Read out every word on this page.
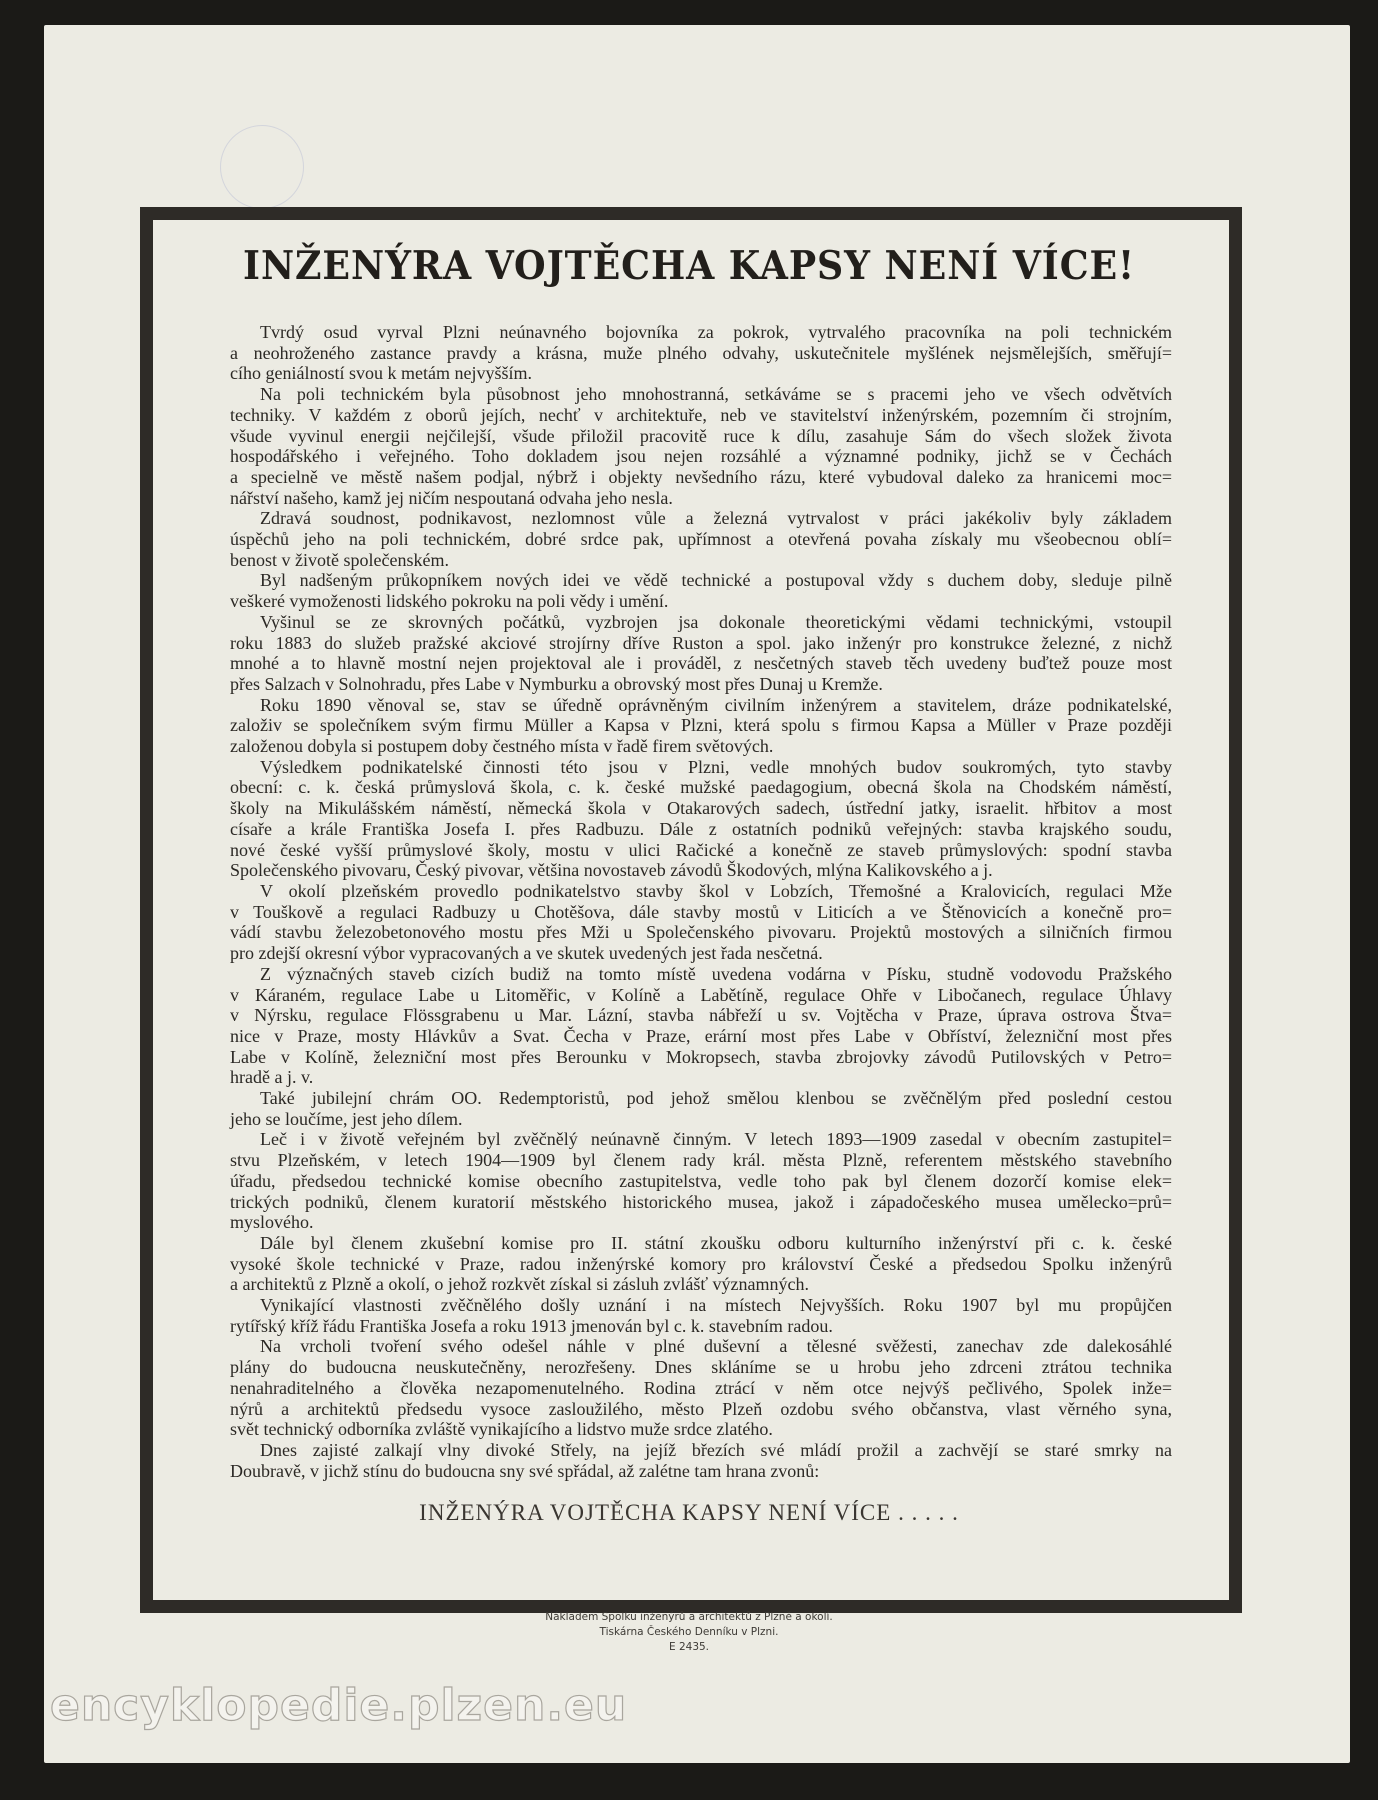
INŽENÝRA VOJTĚCHA KAPSY NENÍ VÍCE!
Tvrdý osud vyrval Plzni neúnavného bojovníka za pokrok, vytrvalého pracovníka na poli technickém
a neohroženého zastance pravdy a krásna, muže plného odvahy, uskutečnitele myšlének nejsmělejších, směřují=
cího geniálností svou k metám nejvyšším.
Na poli technickém byla působnost jeho mnohostranná, setkáváme se s pracemi jeho ve všech odvětvích
techniky. V každém z oborů jejích, nechť v architektuře, neb ve stavitelství inženýrském, pozemním či strojním,
všude vyvinul energii nejčilejší, všude přiložil pracovitě ruce k dílu, zasahuje Sám do všech složek života
hospodářského i veřejného. Toho dokladem jsou nejen rozsáhlé a významné podniky, jichž se v Čechách
a specielně ve městě našem podjal, nýbrž i objekty nevšedního rázu, které vybudoval daleko za hranicemi moc=
nářství našeho, kamž jej ničím nespoutaná odvaha jeho nesla.
Zdravá soudnost, podnikavost, nezlomnost vůle a železná vytrvalost v práci jakékoliv byly základem
úspěchů jeho na poli technickém, dobré srdce pak, upřímnost a otevřená povaha získaly mu všeobecnou oblí=
benost v životě společenském.
Byl nadšeným průkopníkem nových idei ve vědě technické a postupoval vždy s duchem doby, sleduje pilně
veškeré vymoženosti lidského pokroku na poli vědy i umění.
Vyšinul se ze skrovných počátků, vyzbrojen jsa dokonale theoretickými vědami technickými, vstoupil
roku 1883 do služeb pražské akciové strojírny dříve Ruston a spol. jako inženýr pro konstrukce železné, z nichž
mnohé a to hlavně mostní nejen projektoval ale i prováděl, z nesčetných staveb těch uvedeny buďtež pouze most
přes Salzach v Solnohradu, přes Labe v Nymburku a obrovský most přes Dunaj u Kremže.
Roku 1890 věnoval se, stav se úředně oprávněným civilním inženýrem a stavitelem, dráze podnikatelské,
založiv se společníkem svým firmu Müller a Kapsa v Plzni, která spolu s firmou Kapsa a Müller v Praze později
založenou dobyla si postupem doby čestného místa v řadě firem světových.
Výsledkem podnikatelské činnosti této jsou v Plzni, vedle mnohých budov soukromých, tyto stavby
obecní: c. k. česká průmyslová škola, c. k. české mužské paedagogium, obecná škola na Chodském náměstí,
školy na Mikulášském náměstí, německá škola v Otakarových sadech, ústřední jatky, israelit. hřbitov a most
císaře a krále Františka Josefa I. přes Radbuzu. Dále z ostatních podniků veřejných: stavba krajského soudu,
nové české vyšší průmyslové školy, mostu v ulici Račické a konečně ze staveb průmyslových: spodní stavba
Společenského pivovaru, Český pivovar, většina novostaveb závodů Škodových, mlýna Kalikovského a j.
V okolí plzeňském provedlo podnikatelstvo stavby škol v Lobzích, Třemošné a Kralovicích, regulaci Mže
v Touškově a regulaci Radbuzy u Chotěšova, dále stavby mostů v Liticích a ve Štěnovicích a konečně pro=
vádí stavbu železobetonového mostu přes Mži u Společenského pivovaru. Projektů mostových a silničních firmou
pro zdejší okresní výbor vypracovaných a ve skutek uvedených jest řada nesčetná.
Z význačných staveb cizích budiž na tomto místě uvedena vodárna v Písku, studně vodovodu Pražského
v Káraném, regulace Labe u Litoměřic, v Kolíně a Labětíně, regulace Ohře v Libočanech, regulace Úhlavy
v Nýrsku, regulace Flössgrabenu u Mar. Lázní, stavba nábřeží u sv. Vojtěcha v Praze, úprava ostrova Štva=
nice v Praze, mosty Hlávkův a Svat. Čecha v Praze, erární most přes Labe v Obříství, železniční most přes
Labe v Kolíně, železniční most přes Berounku v Mokropsech, stavba zbrojovky závodů Putilovských v Petro=
hradě a j. v.
Také jubilejní chrám OO. Redemptoristů, pod jehož smělou klenbou se zvěčnělým před poslední cestou
jeho se loučíme, jest jeho dílem.
Leč i v životě veřejném byl zvěčnělý neúnavně činným. V letech 1893—1909 zasedal v obecním zastupitel=
stvu Plzeňském, v letech 1904—1909 byl členem rady král. města Plzně, referentem městského stavebního
úřadu, předsedou technické komise obecního zastupitelstva, vedle toho pak byl členem dozorčí komise elek=
trických podniků, členem kuratorií městského historického musea, jakož i západočeského musea umělecko=prů=
myslového.
Dále byl členem zkušební komise pro II. státní zkoušku odboru kulturního inženýrství při c. k. české
vysoké škole technické v Praze, radou inženýrské komory pro království České a předsedou Spolku inženýrů
a architektů z Plzně a okolí, o jehož rozkvět získal si zásluh zvlášť významných.
Vynikající vlastnosti zvěčnělého došly uznání i na místech Nejvyšších. Roku 1907 byl mu propůjčen
rytířský kříž řádu Františka Josefa a roku 1913 jmenován byl c. k. stavebním radou.
Na vrcholi tvoření svého odešel náhle v plné duševní a tělesné svěžesti, zanechav zde dalekosáhlé
plány do budoucna neuskutečněny, nerozřešeny. Dnes skláníme se u hrobu jeho zdrceni ztrátou technika
nenahraditelného a člověka nezapomenutelného. Rodina ztrácí v něm otce nejvýš pečlivého, Spolek inže=
nýrů a architektů předsedu vysoce zasloužilého, město Plzeň ozdobu svého občanstva, vlast věrného syna,
svět technický odborníka zvláště vynikajícího a lidstvo muže srdce zlatého.
Dnes zajisté zalkají vlny divoké Střely, na jejíž březích své mládí prožil a zachvějí se staré smrky na
Doubravě, v jichž stínu do budoucna sny své spřádal, až zalétne tam hrana zvonů:
INŽENÝRA VOJTĚCHA KAPSY NENÍ VÍCE . . . . .
Nákladem Spolku inženýrů a architektů z Plzně a okolí.
Tiskárna Českého Denníku v Plzni.
E 2435.
encyklopedie.plzen.eu
